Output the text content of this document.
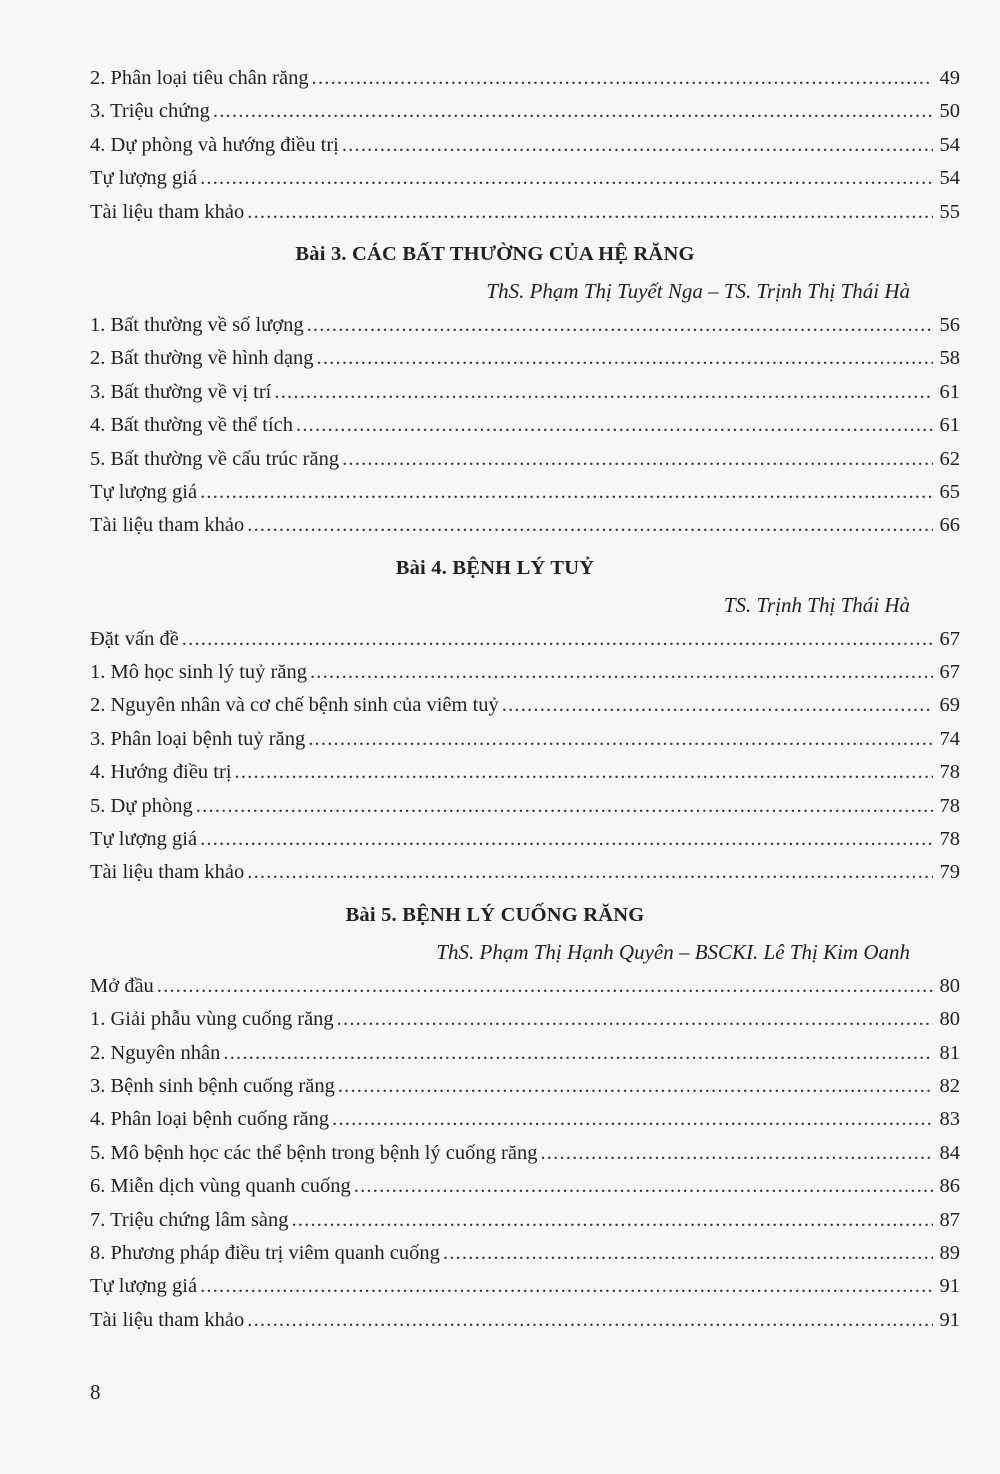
2. Phân loại tiêu chân răng .....	49
3. Triệu chứng .....	50
4. Dự phòng và hướng điều trị .....	54
Tự lượng giá .....	54
Tài liệu tham khảo .....	55
Bài 3. CÁC BẤT THƯỜNG CỦA HỆ RĂNG
ThS. Phạm Thị Tuyết Nga – TS. Trịnh Thị Thái Hà
1. Bất thường về số lượng .....	56
2. Bất thường về hình dạng .....	58
3. Bất thường về vị trí .....	61
4. Bất thường về thể tích .....	61
5. Bất thường về cấu trúc răng .....	62
Tự lượng giá .....	65
Tài liệu tham khảo .....	66
Bài 4. BỆNH LÝ TUỶ
TS. Trịnh Thị Thái Hà
Đặt vấn đề .....	67
1. Mô học sinh lý tuỷ răng .....	67
2. Nguyên nhân và cơ chế bệnh sinh của viêm tuỷ .....	69
3. Phân loại bệnh tuỷ răng .....	74
4. Hướng điều trị .....	78
5. Dự phòng .....	78
Tự lượng giá .....	78
Tài liệu tham khảo .....	79
Bài 5. BỆNH LÝ CUỐNG RĂNG
ThS. Phạm Thị Hạnh Quyên – BSCKI. Lê Thị Kim Oanh
Mở đầu .....	80
1. Giải phẫu vùng cuống răng .....	80
2. Nguyên nhân .....	81
3. Bệnh sinh bệnh cuống răng .....	82
4. Phân loại bệnh cuống răng .....	83
5. Mô bệnh học các thể bệnh trong bệnh lý cuống răng .....	84
6. Miễn dịch vùng quanh cuống .....	86
7. Triệu chứng lâm sàng .....	87
8. Phương pháp điều trị viêm quanh cuống .....	89
Tự lượng giá .....	91
Tài liệu tham khảo .....	91
8
